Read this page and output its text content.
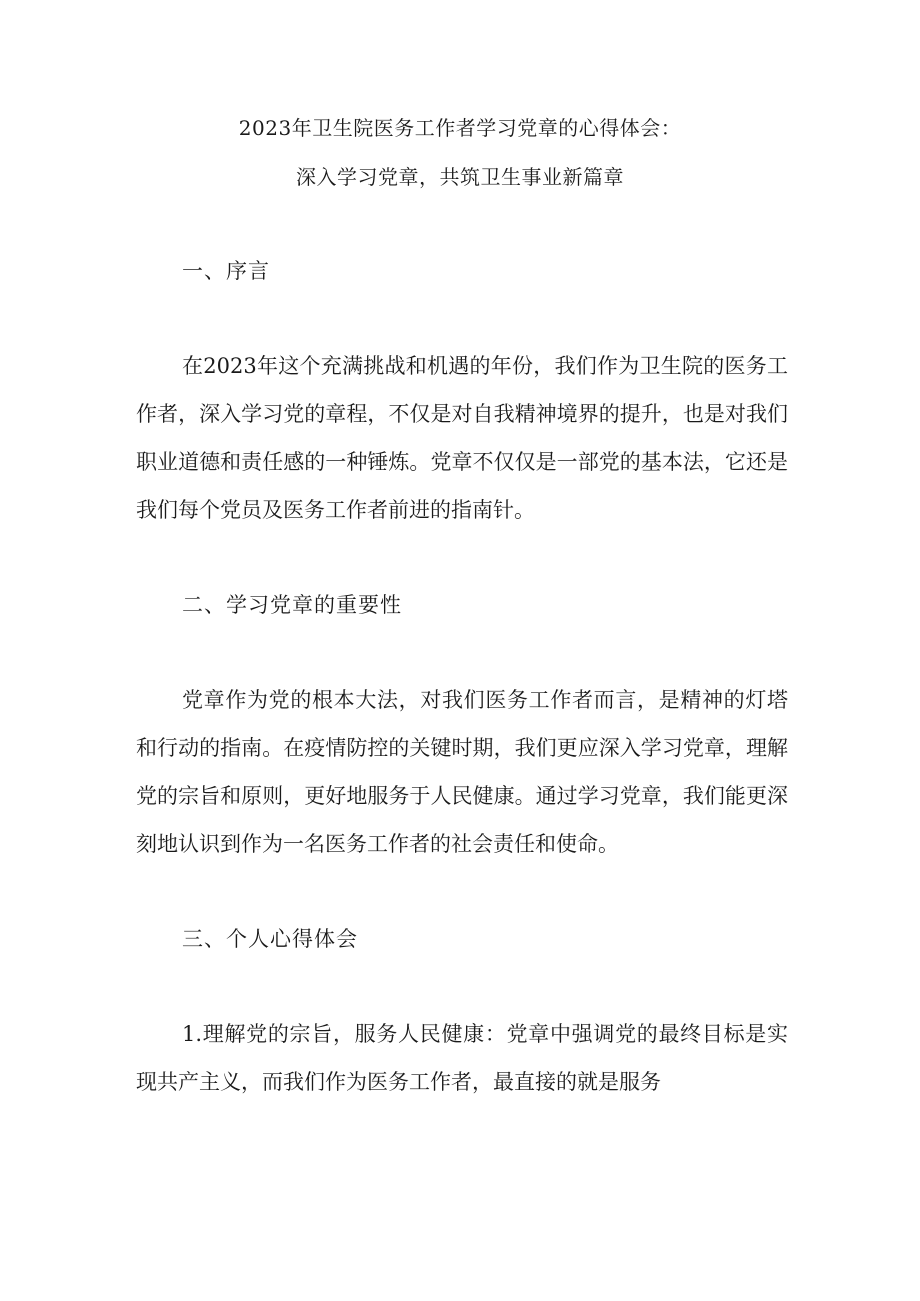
2023年卫生院医务工作者学习党章的心得体会：
深入学习党章，共筑卫生事业新篇章
一、序言

在2023年这个充满挑战和机遇的年份，我们作为卫生院的医务工作者，深入学习党的章程，不仅是对自我精神境界的提升，也是对我们职业道德和责任感的一种锤炼。党章不仅仅是一部党的基本法，它还是我们每个党员及医务工作者前进的指南针。

二、学习党章的重要性

党章作为党的根本大法，对我们医务工作者而言，是精神的灯塔和行动的指南。在疫情防控的关键时期，我们更应深入学习党章，理解党的宗旨和原则，更好地服务于人民健康。通过学习党章，我们能更深刻地认识到作为一名医务工作者的社会责任和使命。

三、个人心得体会

1.理解党的宗旨，服务人民健康：党章中强调党的最终目标是实现共产主义，而我们作为医务工作者，最直接的就是服务
